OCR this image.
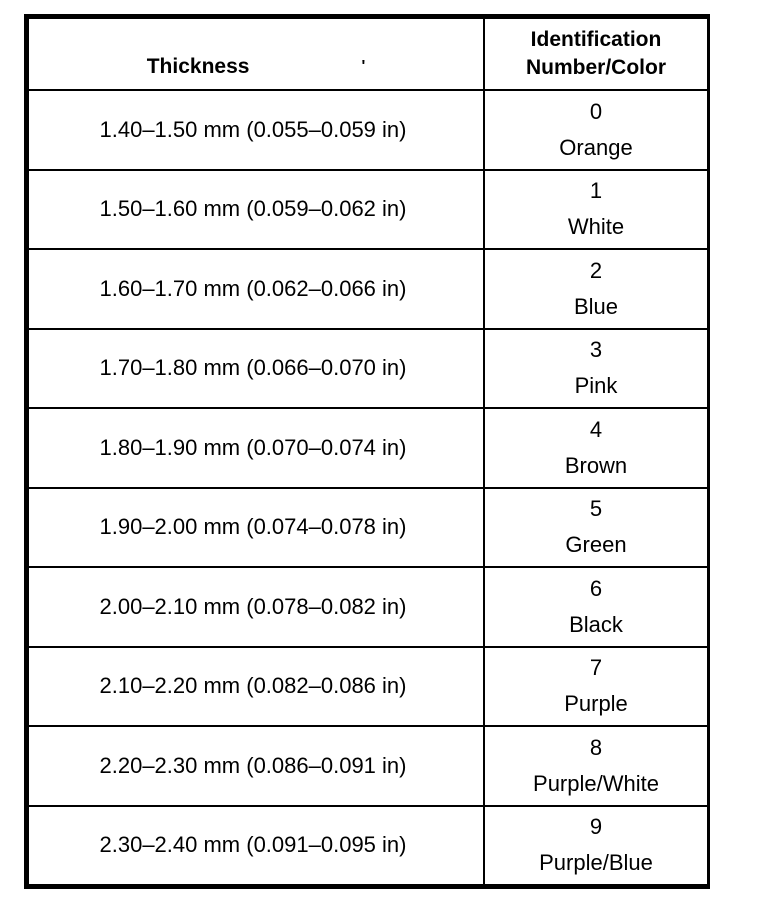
Thickness '	Identification
Number/Color

1.40–1.50 mm (0.055–0.059 in)	0
Orange

1.50–1.60 mm (0.059–0.062 in)	1
White

1.60–1.70 mm (0.062–0.066 in)	2
Blue

1.70–1.80 mm (0.066–0.070 in)	3
Pink

1.80–1.90 mm (0.070–0.074 in)	4
Brown

1.90–2.00 mm (0.074–0.078 in)	5
Green

2.00–2.10 mm (0.078–0.082 in)	6
Black

2.10–2.20 mm (0.082–0.086 in)	7
Purple

2.20–2.30 mm (0.086–0.091 in)	8
Purple/White

2.30–2.40 mm (0.091–0.095 in)	9
Purple/Blue
